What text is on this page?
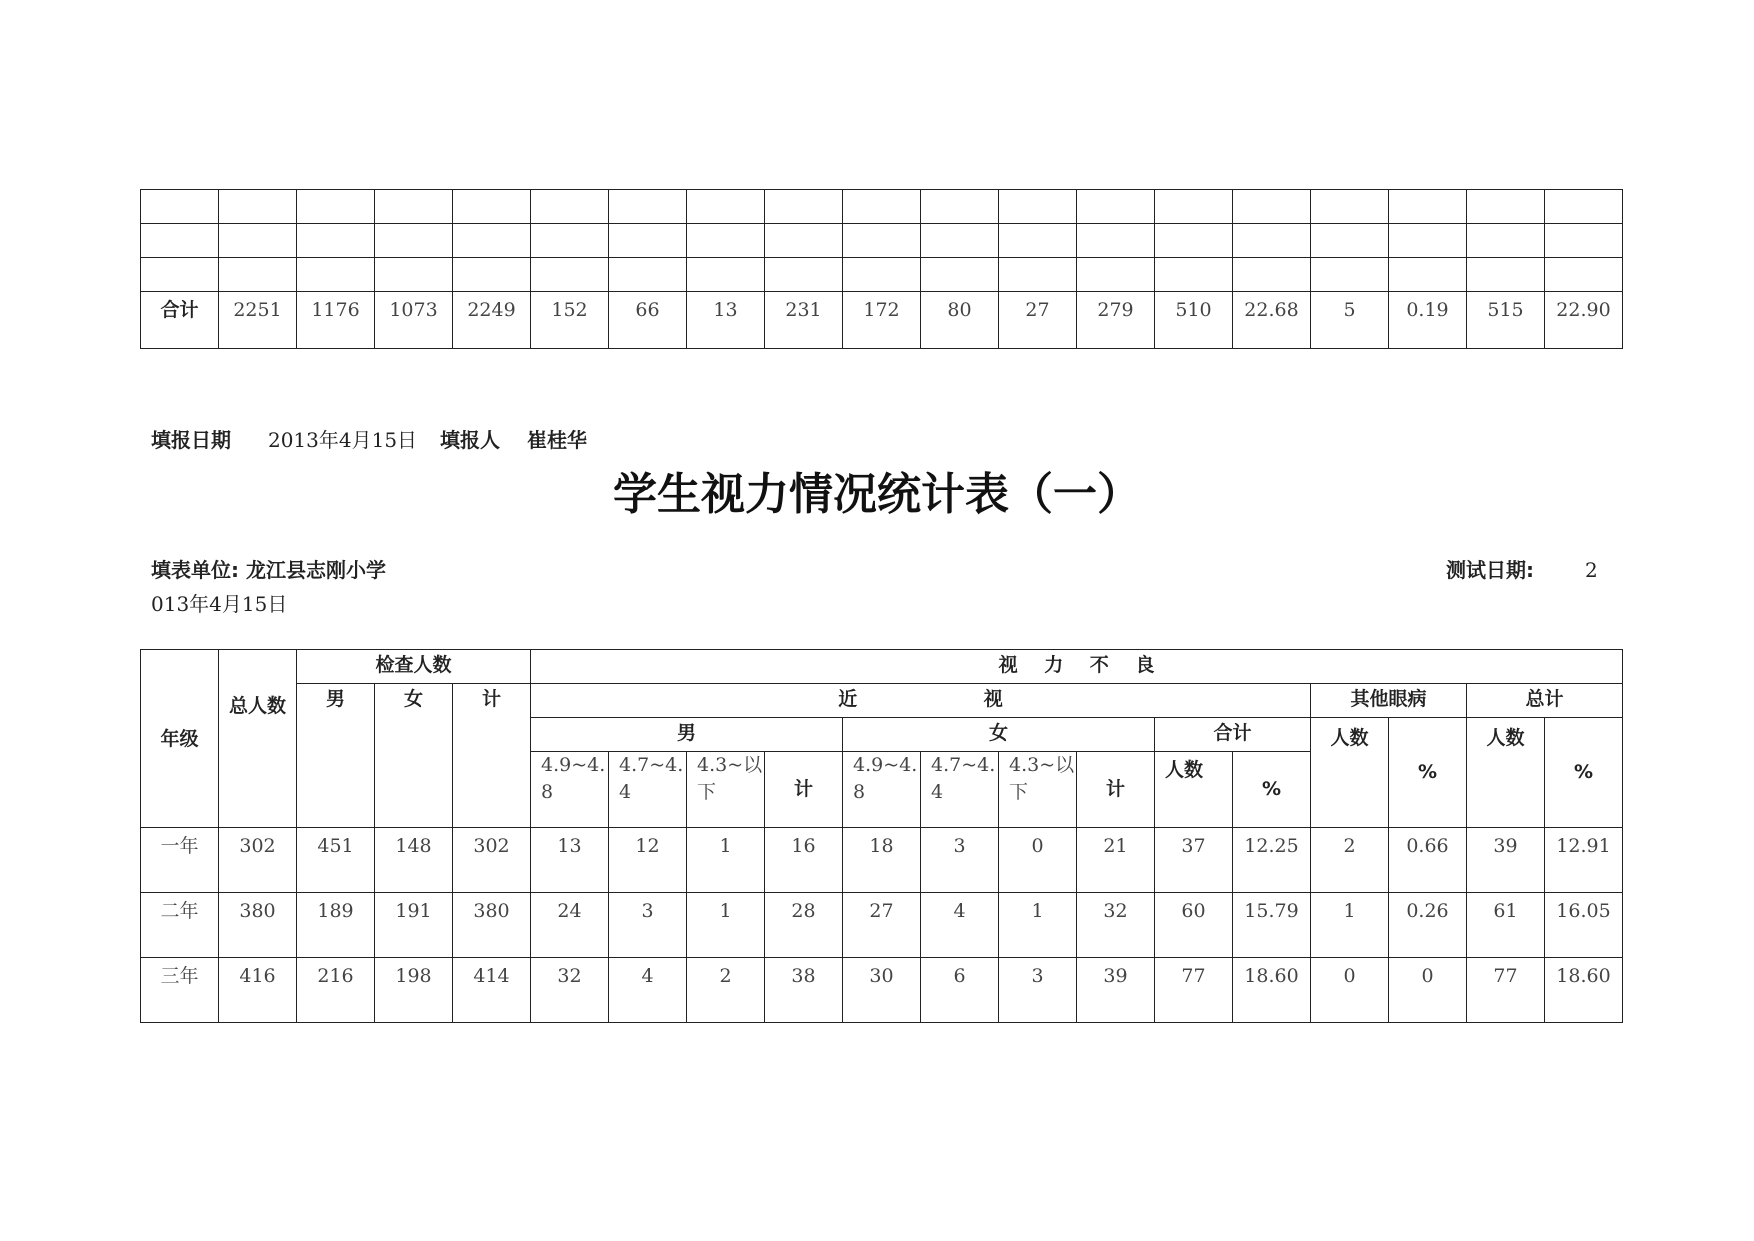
合计	2251	1176	1073	2249	152	66	13	231	172	80	27	279	510	22.68	5	0.19	515	22.90
填报日期 2013年4月15日 填报人 崔桂华
学生视力情况统计表（一）
填表单位: 龙江县志刚小学	测试日期:	2
013年4月15日
年级	总人数	检查人数			视 力 不 良													
		男	女	计	近 视										其他眼病		总计	
					男				女				合计		人数	%	人数	%
					4.9~4.8	4.7~4.4	4.3~以下	计	4.9~4.8	4.7~4.4	4.3~以下	计	人数	%				

一年	302	451	148	302	13	12	1	16	18	3	0	21	37	12.25	2	0.66	39	12.91
二年	380	189	191	380	24	3	1	28	27	4	1	32	60	15.79	1	0.26	61	16.05
三年	416	216	198	414	32	4	2	38	30	6	3	39	77	18.60	0	0	77	18.60
